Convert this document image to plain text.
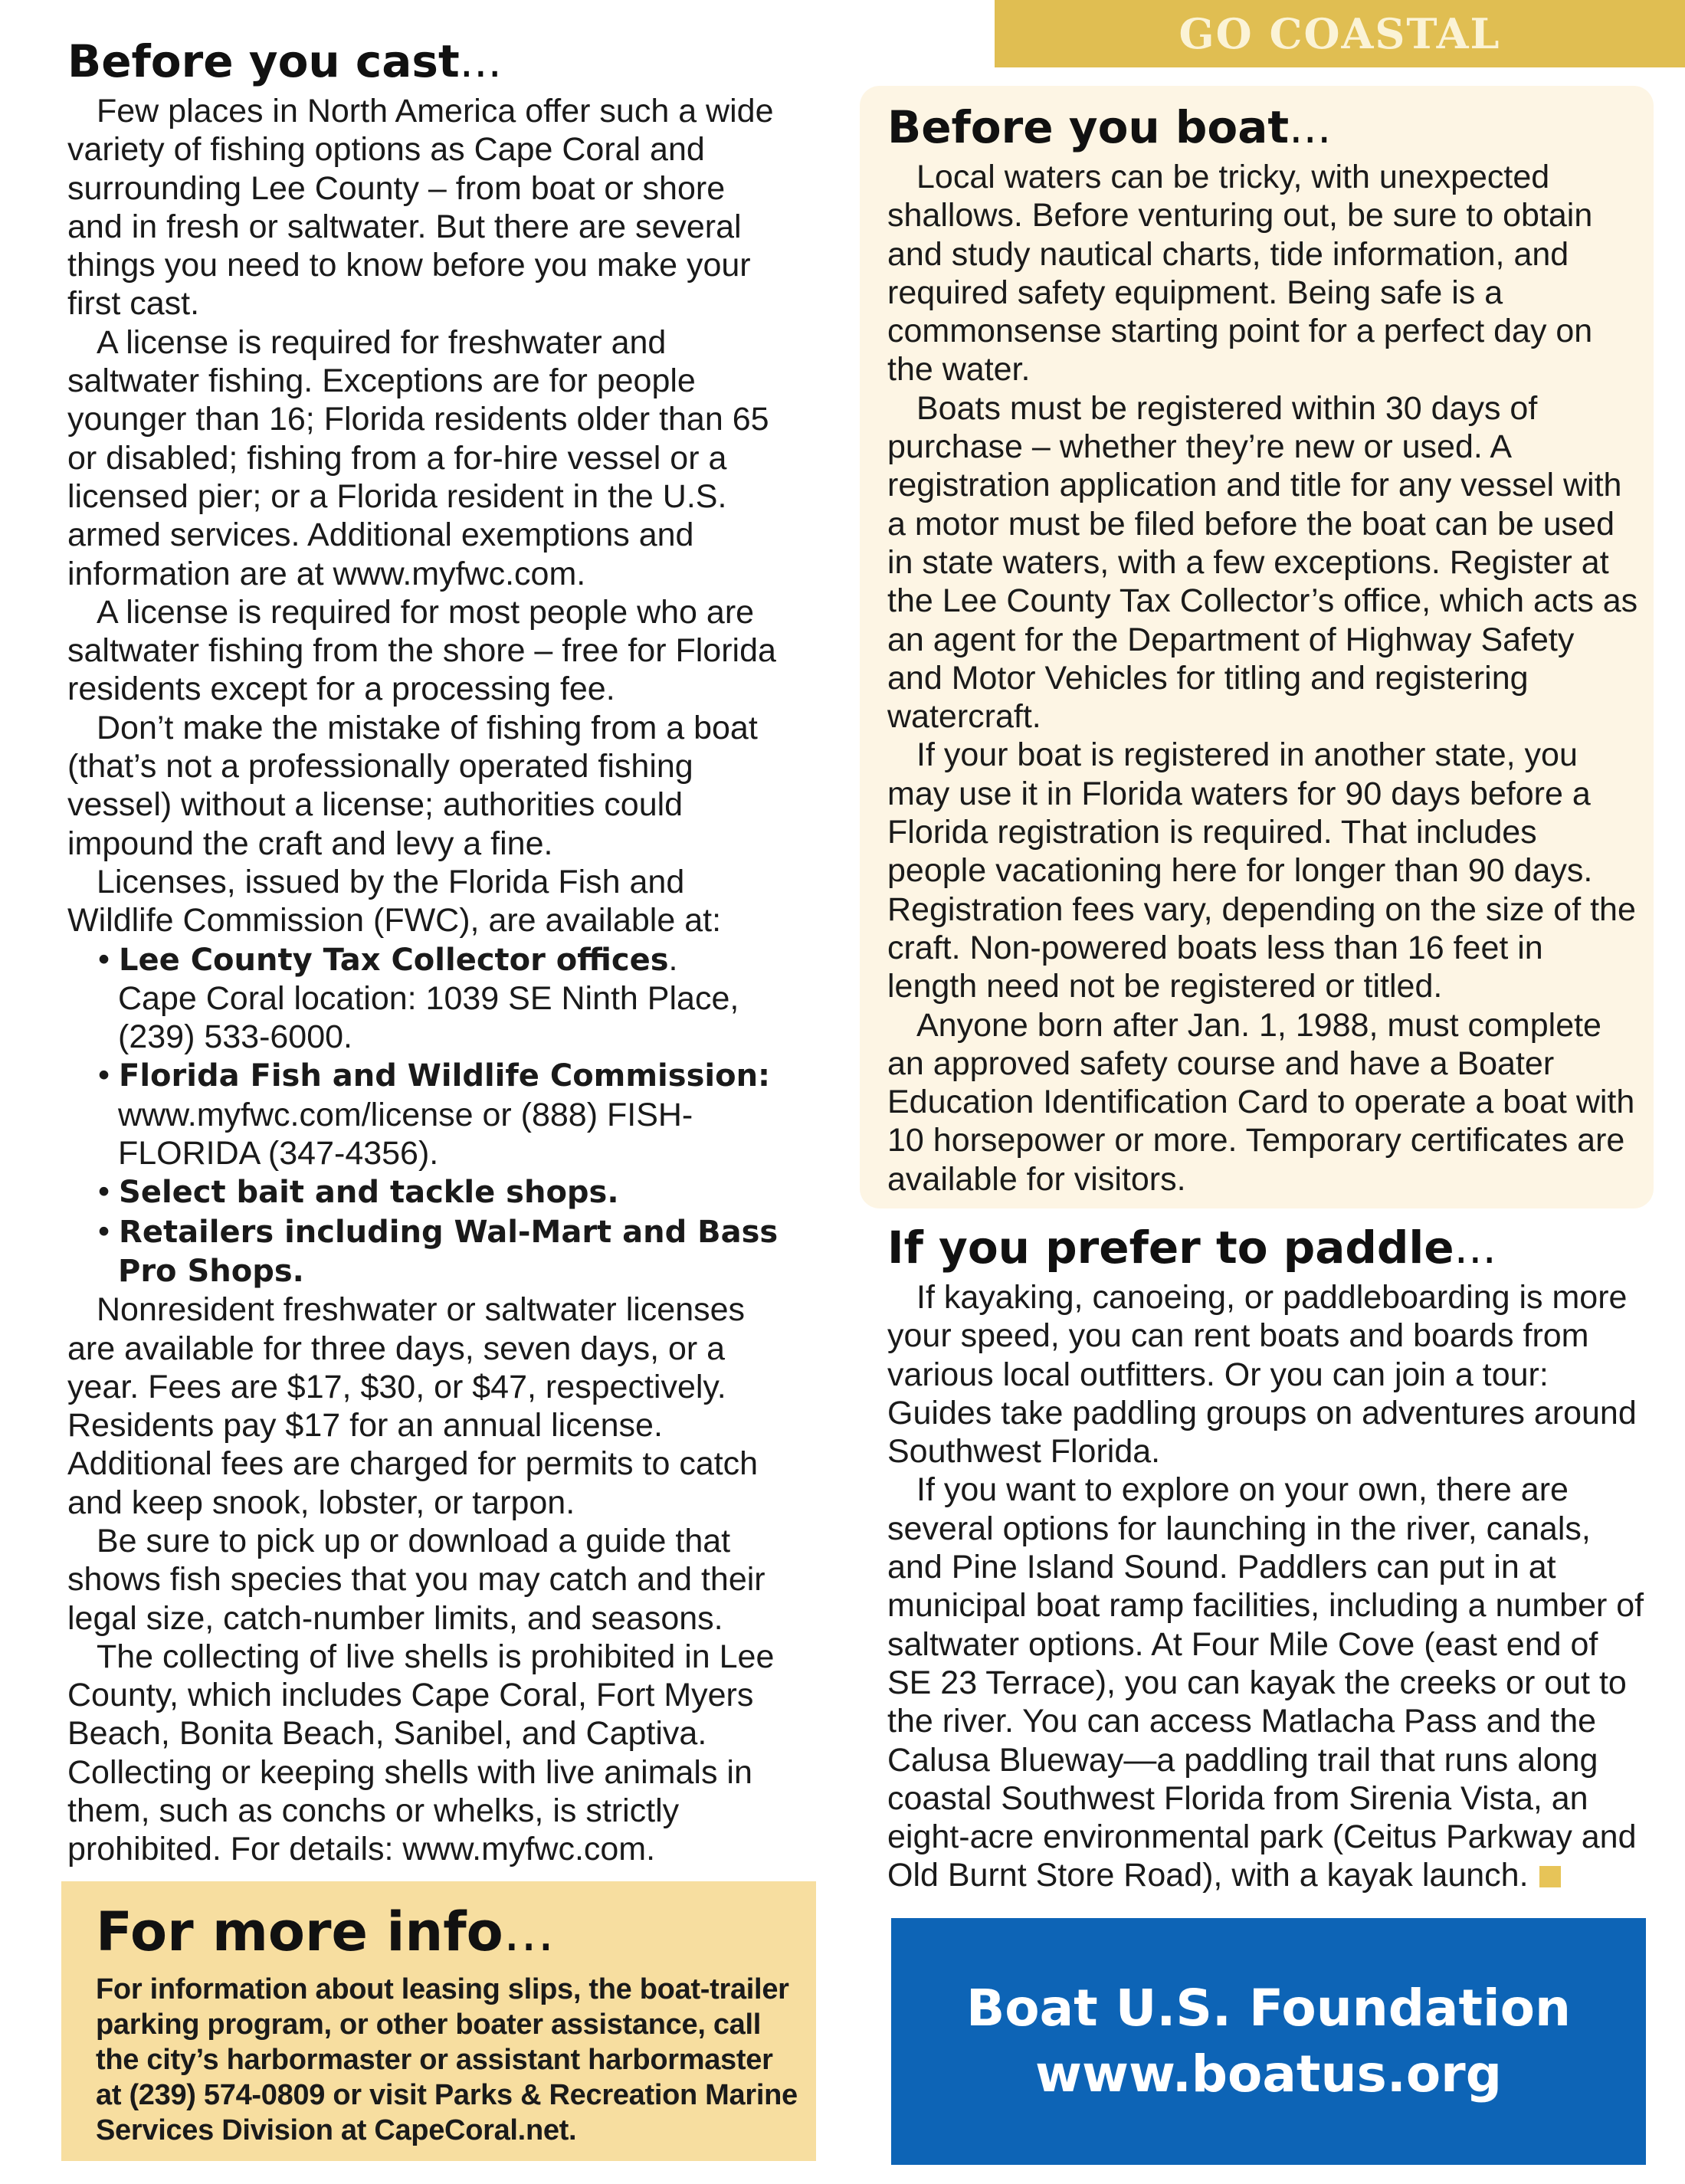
GO COASTAL
Before you cast...

Few places in North America offer such a wide variety of fishing options as Cape Coral and surrounding Lee County – from boat or shore and in fresh or saltwater. But there are several things you need to know before you make your first cast.

A license is required for freshwater and saltwater fishing. Exceptions are for people younger than 16; Florida residents older than 65 or disabled; fishing from a for-hire vessel or a licensed pier; or a Florida resident in the U.S. armed services. Additional exemptions and information are at www.myfwc.com.

A license is required for most people who are saltwater fishing from the shore – free for Florida residents except for a processing fee.

Don’t make the mistake of fishing from a boat (that’s not a professionally operated fishing vessel) without a license; authorities could impound the craft and levy a fine.

Licenses, issued by the Florida Fish and Wildlife Commission (FWC), are available at:

• Lee County Tax Collector offices.
Cape Coral location: 1039 SE Ninth Place, (239) 533-6000.
• Florida Fish and Wildlife Commission:
www.myfwc.com/license or (888) FISH-FLORIDA (347-4356).
• Select bait and tackle shops.
• Retailers including Wal-Mart and Bass Pro Shops.

Nonresident freshwater or saltwater licenses are available for three days, seven days, or a year. Fees are $17, $30, or $47, respectively. Residents pay $17 for an annual license. Additional fees are charged for permits to catch and keep snook, lobster, or tarpon.

Be sure to pick up or download a guide that shows fish species that you may catch and their legal size, catch-number limits, and seasons.

The collecting of live shells is prohibited in Lee County, which includes Cape Coral, Fort Myers Beach, Bonita Beach, Sanibel, and Captiva. Collecting or keeping shells with live animals in them, such as conchs or whelks, is strictly prohibited. For details: www.myfwc.com.

For more info...
For information about leasing slips, the boat-trailer parking program, or other boater assistance, call the city’s harbormaster or assistant harbormaster at (239) 574-0809 or visit Parks & Recreation Marine Services Division at CapeCoral.net.
Before you boat...

Local waters can be tricky, with unexpected shallows. Before venturing out, be sure to obtain and study nautical charts, tide information, and required safety equipment. Being safe is a commonsense starting point for a perfect day on the water.

Boats must be registered within 30 days of purchase – whether they’re new or used. A registration application and title for any vessel with a motor must be filed before the boat can be used in state waters, with a few exceptions. Register at the Lee County Tax Collector’s office, which acts as an agent for the Department of Highway Safety and Motor Vehicles for titling and registering watercraft.

If your boat is registered in another state, you may use it in Florida waters for 90 days before a Florida registration is required. That includes people vacationing here for longer than 90 days. Registration fees vary, depending on the size of the craft. Non-powered boats less than 16 feet in length need not be registered or titled.

Anyone born after Jan. 1, 1988, must complete an approved safety course and have a Boater Education Identification Card to operate a boat with 10 horsepower or more. Temporary certificates are available for visitors.

If you prefer to paddle...

If kayaking, canoeing, or paddleboarding is more your speed, you can rent boats and boards from various local outfitters. Or you can join a tour: Guides take paddling groups on adventures around Southwest Florida.

If you want to explore on your own, there are several options for launching in the river, canals, and Pine Island Sound. Paddlers can put in at municipal boat ramp facilities, including a number of saltwater options. At Four Mile Cove (east end of SE 23 Terrace), you can kayak the creeks or out to the river. You can access Matlacha Pass and the Calusa Blueway—a paddling trail that runs along coastal Southwest Florida from Sirenia Vista, an eight-acre environmental park (Ceitus Parkway and Old Burnt Store Road), with a kayak launch.

Boat U.S. Foundation
www.boatus.org
